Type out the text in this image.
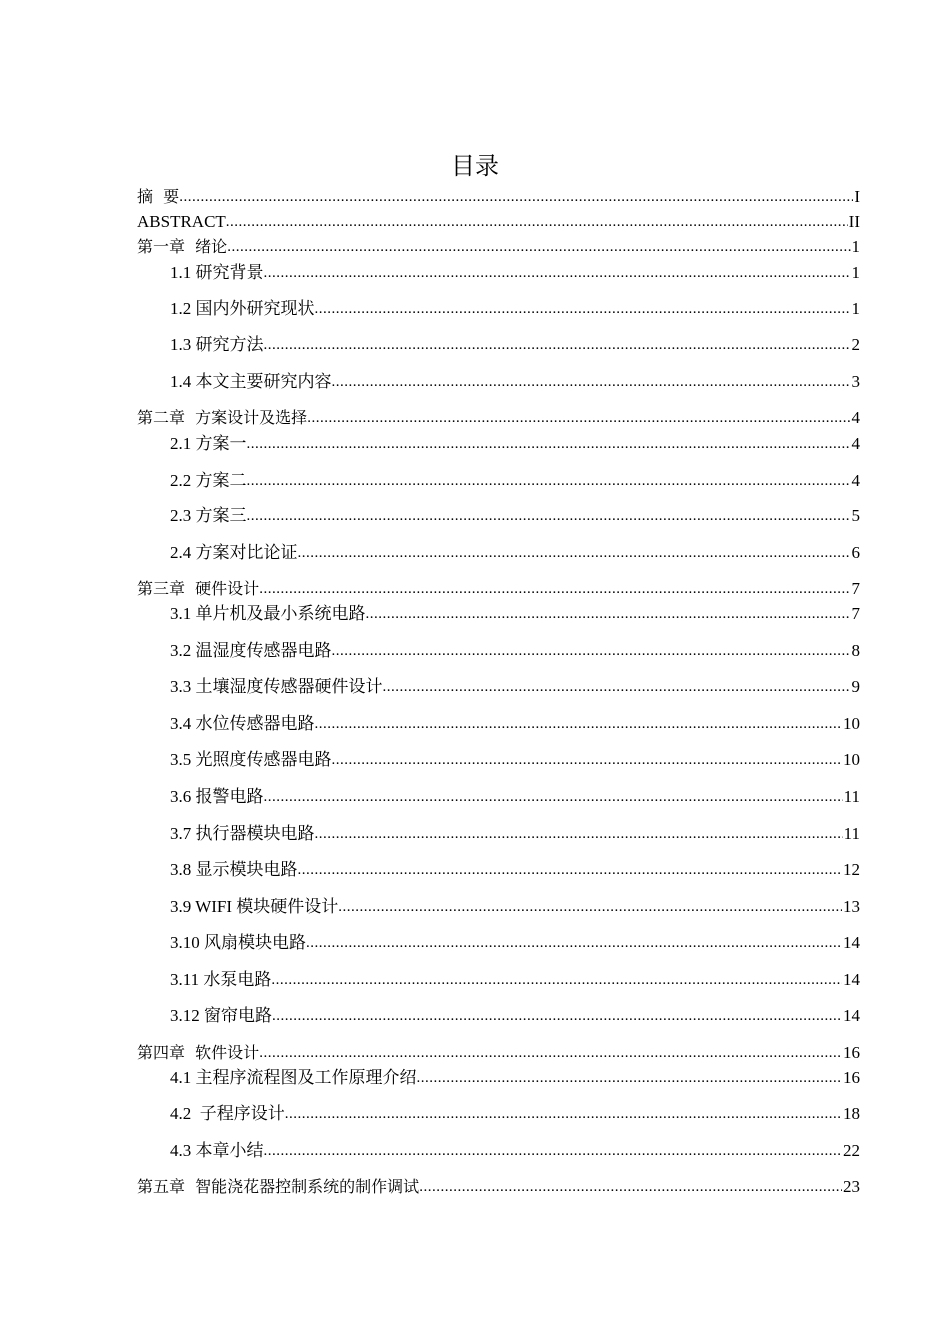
目录
摘  要 .....	I
ABSTRACT .....	II
第一章  绪论 .....	1
1.1 研究背景 .....	1
1.2 国内外研究现状 .....	1
1.3 研究方法 .....	2
1.4 本文主要研究内容 .....	3
第二章  方案设计及选择 .....	4
2.1 方案一 .....	4
2.2 方案二 .....	4
2.3 方案三 .....	5
2.4 方案对比论证 .....	6
第三章  硬件设计 .....	7
3.1 单片机及最小系统电路 .....	7
3.2 温湿度传感器电路 .....	8
3.3 土壤湿度传感器硬件设计 .....	9
3.4 水位传感器电路 .....	10
3.5 光照度传感器电路 .....	10
3.6 报警电路 .....	11
3.7 执行器模块电路 .....	11
3.8 显示模块电路 .....	12
3.9 WIFI 模块硬件设计 .....	13
3.10 风扇模块电路 .....	14
3.11 水泵电路 .....	14
3.12 窗帘电路 .....	14
第四章  软件设计 .....	16
4.1 主程序流程图及工作原理介绍 .....	16
4.2  子程序设计 .....	18
4.3 本章小结 .....	22
第五章  智能浇花器控制系统的制作调试 .....	23
